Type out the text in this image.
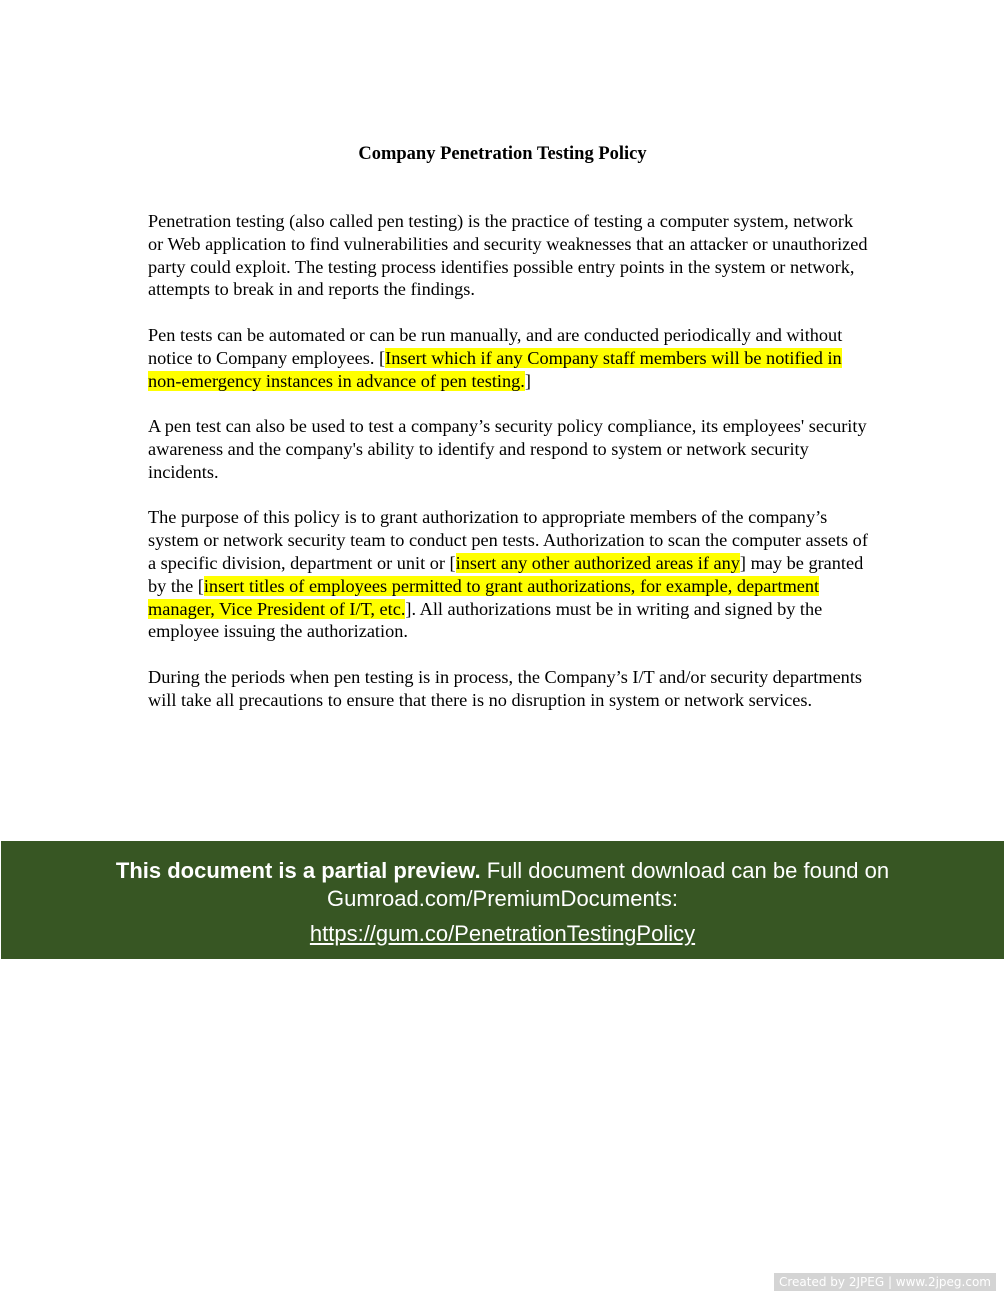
Company Penetration Testing Policy

Penetration testing (also called pen testing) is the practice of testing a computer system, network or Web application to find vulnerabilities and security weaknesses that an attacker or unauthorized party could exploit. The testing process identifies possible entry points in the system or network, attempts to break in and reports the findings.

Pen tests can be automated or can be run manually, and are conducted periodically and without notice to Company employees. [Insert which if any Company staff members will be notified in non-emergency instances in advance of pen testing.]

A pen test can also be used to test a company’s security policy compliance, its employees' security awareness and the company's ability to identify and respond to system or network security incidents.

The purpose of this policy is to grant authorization to appropriate members of the company’s system or network security team to conduct pen tests. Authorization to scan the computer assets of a specific division, department or unit or [insert any other authorized areas if any] may be granted by the [insert titles of employees permitted to grant authorizations, for example, department manager, Vice President of I/T, etc.]. All authorizations must be in writing and signed by the employee issuing the authorization.

During the periods when pen testing is in process, the Company’s I/T and/or security departments will take all precautions to ensure that there is no disruption in system or network services.

This document is a partial preview. Full document download can be found on
Gumroad.com/PremiumDocuments:
https://gum.co/PenetrationTestingPolicy
Created by 2JPEG | www.2jpeg.com
